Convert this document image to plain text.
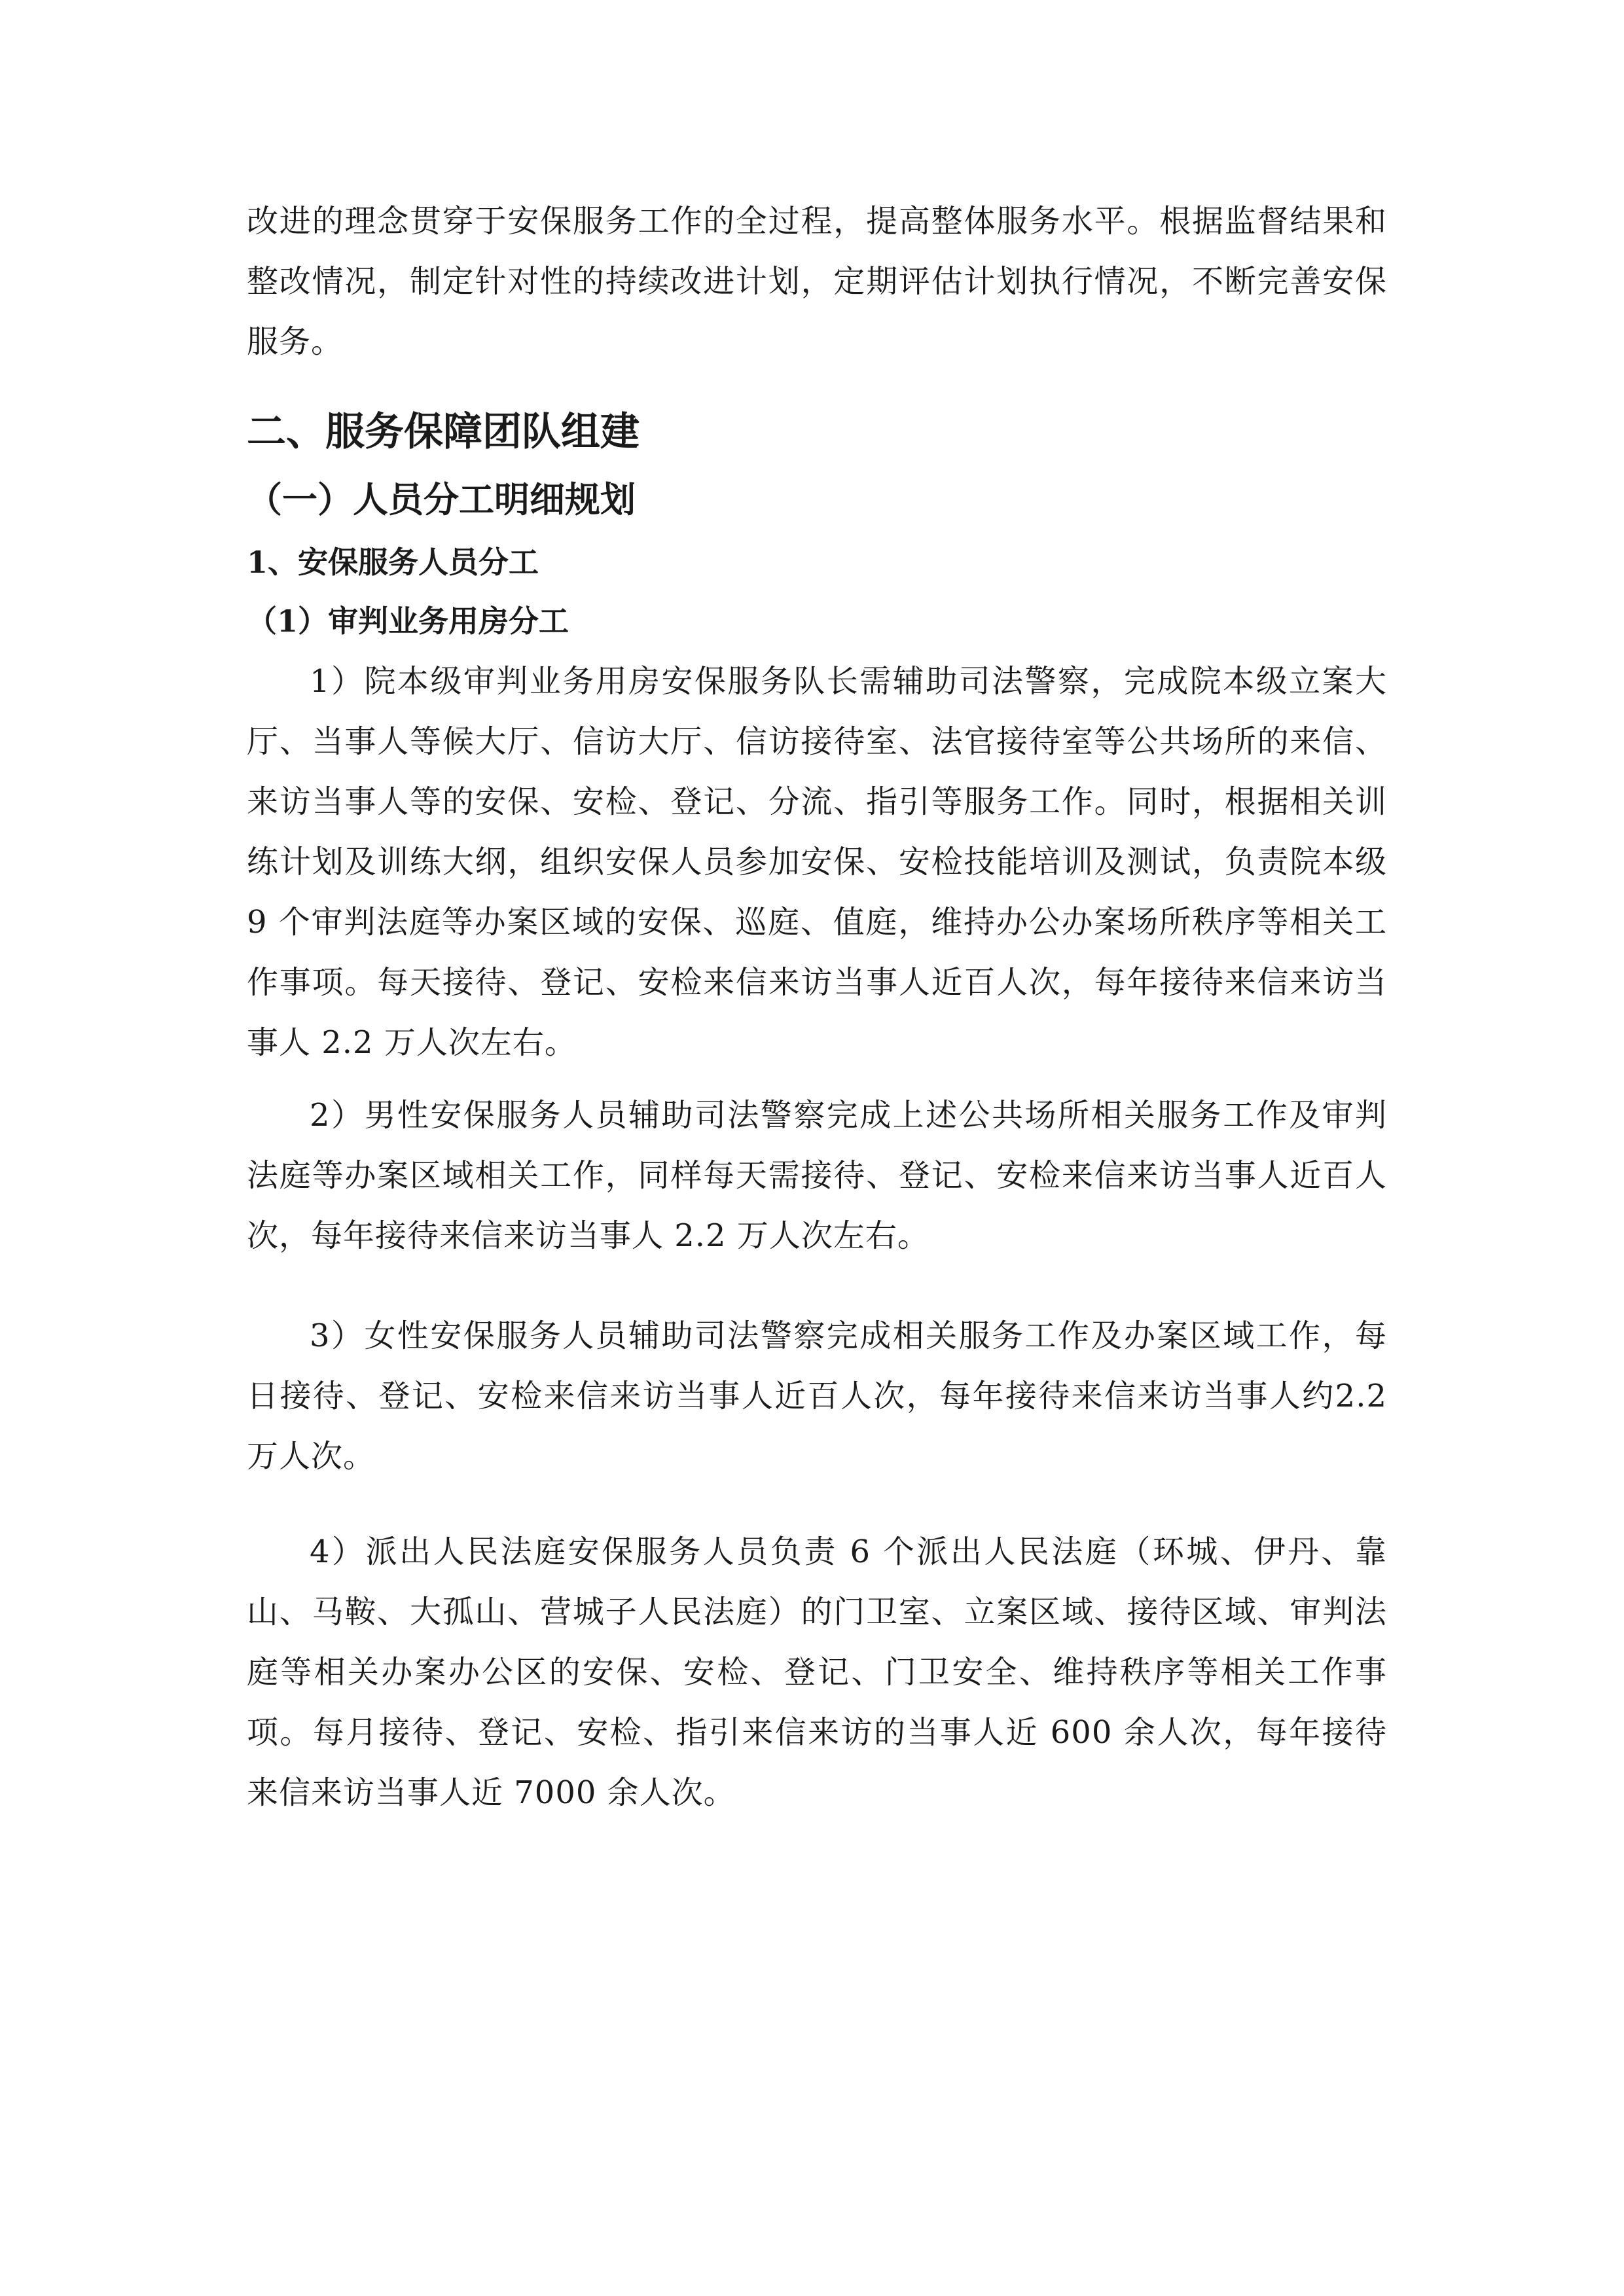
改进的理念贯穿于安保服务工作的全过程，提高整体服务水平。根据监督结果和整改情况，制定针对性的持续改进计划，定期评估计划执行情况，不断完善安保服务。

二、服务保障团队组建
（一）人员分工明细规划
1、安保服务人员分工
（1）审判业务用房分工

1）院本级审判业务用房安保服务队长需辅助司法警察，完成院本级立案大厅、当事人等候大厅、信访大厅、信访接待室、法官接待室等公共场所的来信、来访当事人等的安保、安检、登记、分流、指引等服务工作。同时，根据相关训练计划及训练大纲，组织安保人员参加安保、安检技能培训及测试，负责院本级 9 个审判法庭等办案区域的安保、巡庭、值庭，维持办公办案场所秩序等相关工作事项。每天接待、登记、安检来信来访当事人近百人次，每年接待来信来访当事人 2.2 万人次左右。

2）男性安保服务人员辅助司法警察完成上述公共场所相关服务工作及审判法庭等办案区域相关工作，同样每天需接待、登记、安检来信来访当事人近百人次，每年接待来信来访当事人 2.2 万人次左右。

3）女性安保服务人员辅助司法警察完成相关服务工作及办案区域工作，每日接待、登记、安检来信来访当事人近百人次，每年接待来信来访当事人约2.2 万人次。

4）派出人民法庭安保服务人员负责 6 个派出人民法庭（环城、伊丹、靠山、马鞍、大孤山、营城子人民法庭）的门卫室、立案区域、接待区域、审判法庭等相关办案办公区的安保、安检、登记、门卫安全、维持秩序等相关工作事项。每月接待、登记、安检、指引来信来访的当事人近 600 余人次，每年接待来信来访当事人近 7000 余人次。
